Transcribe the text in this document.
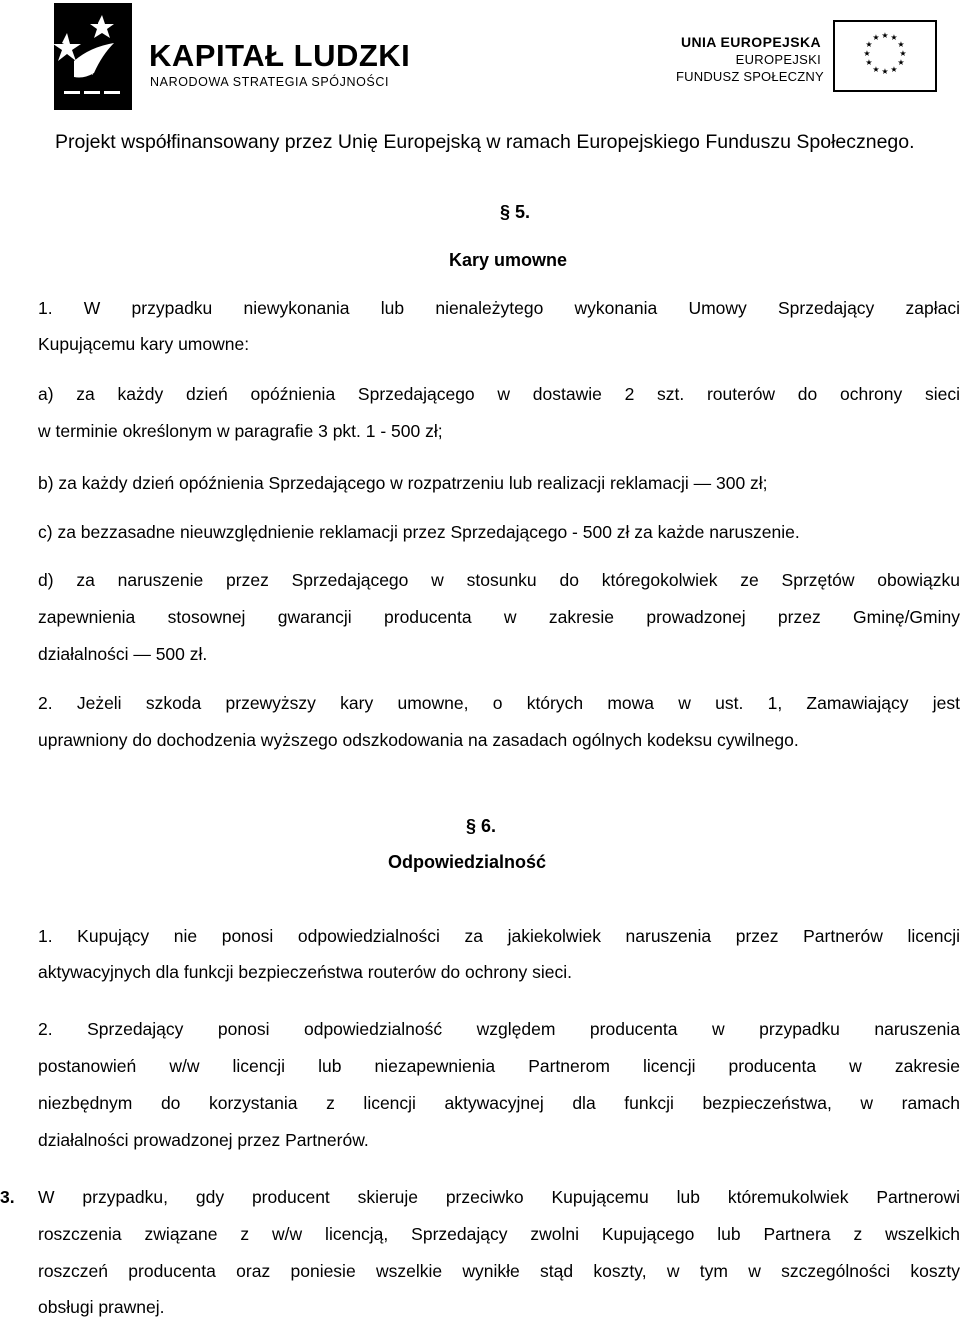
KAPITAŁ LUDZKI
NARODOWA STRATEGIA SPÓJNOŚCI
UNIA EUROPEJSKA
EUROPEJSKI
FUNDUSZ SPOŁECZNY
★ ★
★
★
★
★
★
★
★
★
★
★
Projekt współfinansowany przez Unię Europejską w ramach Europejskiego Funduszu Społecznego.
§ 5.
Kary umowne
1. W przypadku niewykonania lub nienależytego wykonania Umowy Sprzedający zapłaci
Kupującemu kary umowne:
a) za każdy dzień opóźnienia Sprzedającego w dostawie 2 szt. routerów do ochrony sieci
w terminie określonym w paragrafie 3 pkt. 1 - 500 zł;
b) za każdy dzień opóźnienia Sprzedającego w rozpatrzeniu lub realizacji reklamacji — 300 zł;
c) za bezzasadne nieuwzględnienie reklamacji przez Sprzedającego - 500 zł za każde naruszenie.
d) za naruszenie przez Sprzedającego w stosunku do któregokolwiek ze Sprzętów obowiązku
zapewnienia stosownej gwarancji producenta w zakresie prowadzonej przez Gminę/Gminy
działalności — 500 zł.
2. Jeżeli szkoda przewyższy kary umowne, o których mowa w ust. 1, Zamawiający jest
uprawniony do dochodzenia wyższego odszkodowania na zasadach ogólnych kodeksu cywilnego.
§ 6.
Odpowiedzialność
1. Kupujący nie ponosi odpowiedzialności za jakiekolwiek naruszenia przez Partnerów licencji
aktywacyjnych dla funkcji bezpieczeństwa routerów do ochrony sieci.
2. Sprzedający ponosi odpowiedzialność względem producenta w przypadku naruszenia
postanowień w/w licencji lub niezapewnienia Partnerom licencji producenta w zakresie
niezbędnym do korzystania z licencji aktywacyjnej dla funkcji bezpieczeństwa, w ramach
działalności prowadzonej przez Partnerów.
3. W przypadku, gdy producent skieruje przeciwko Kupującemu lub któremukolwiek Partnerowi
roszczenia związane z w/w licencją, Sprzedający zwolni Kupującego lub Partnera z wszelkich
roszczeń producenta oraz poniesie wszelkie wynikłe stąd koszty, w tym w szczególności koszty
obsługi prawnej.
